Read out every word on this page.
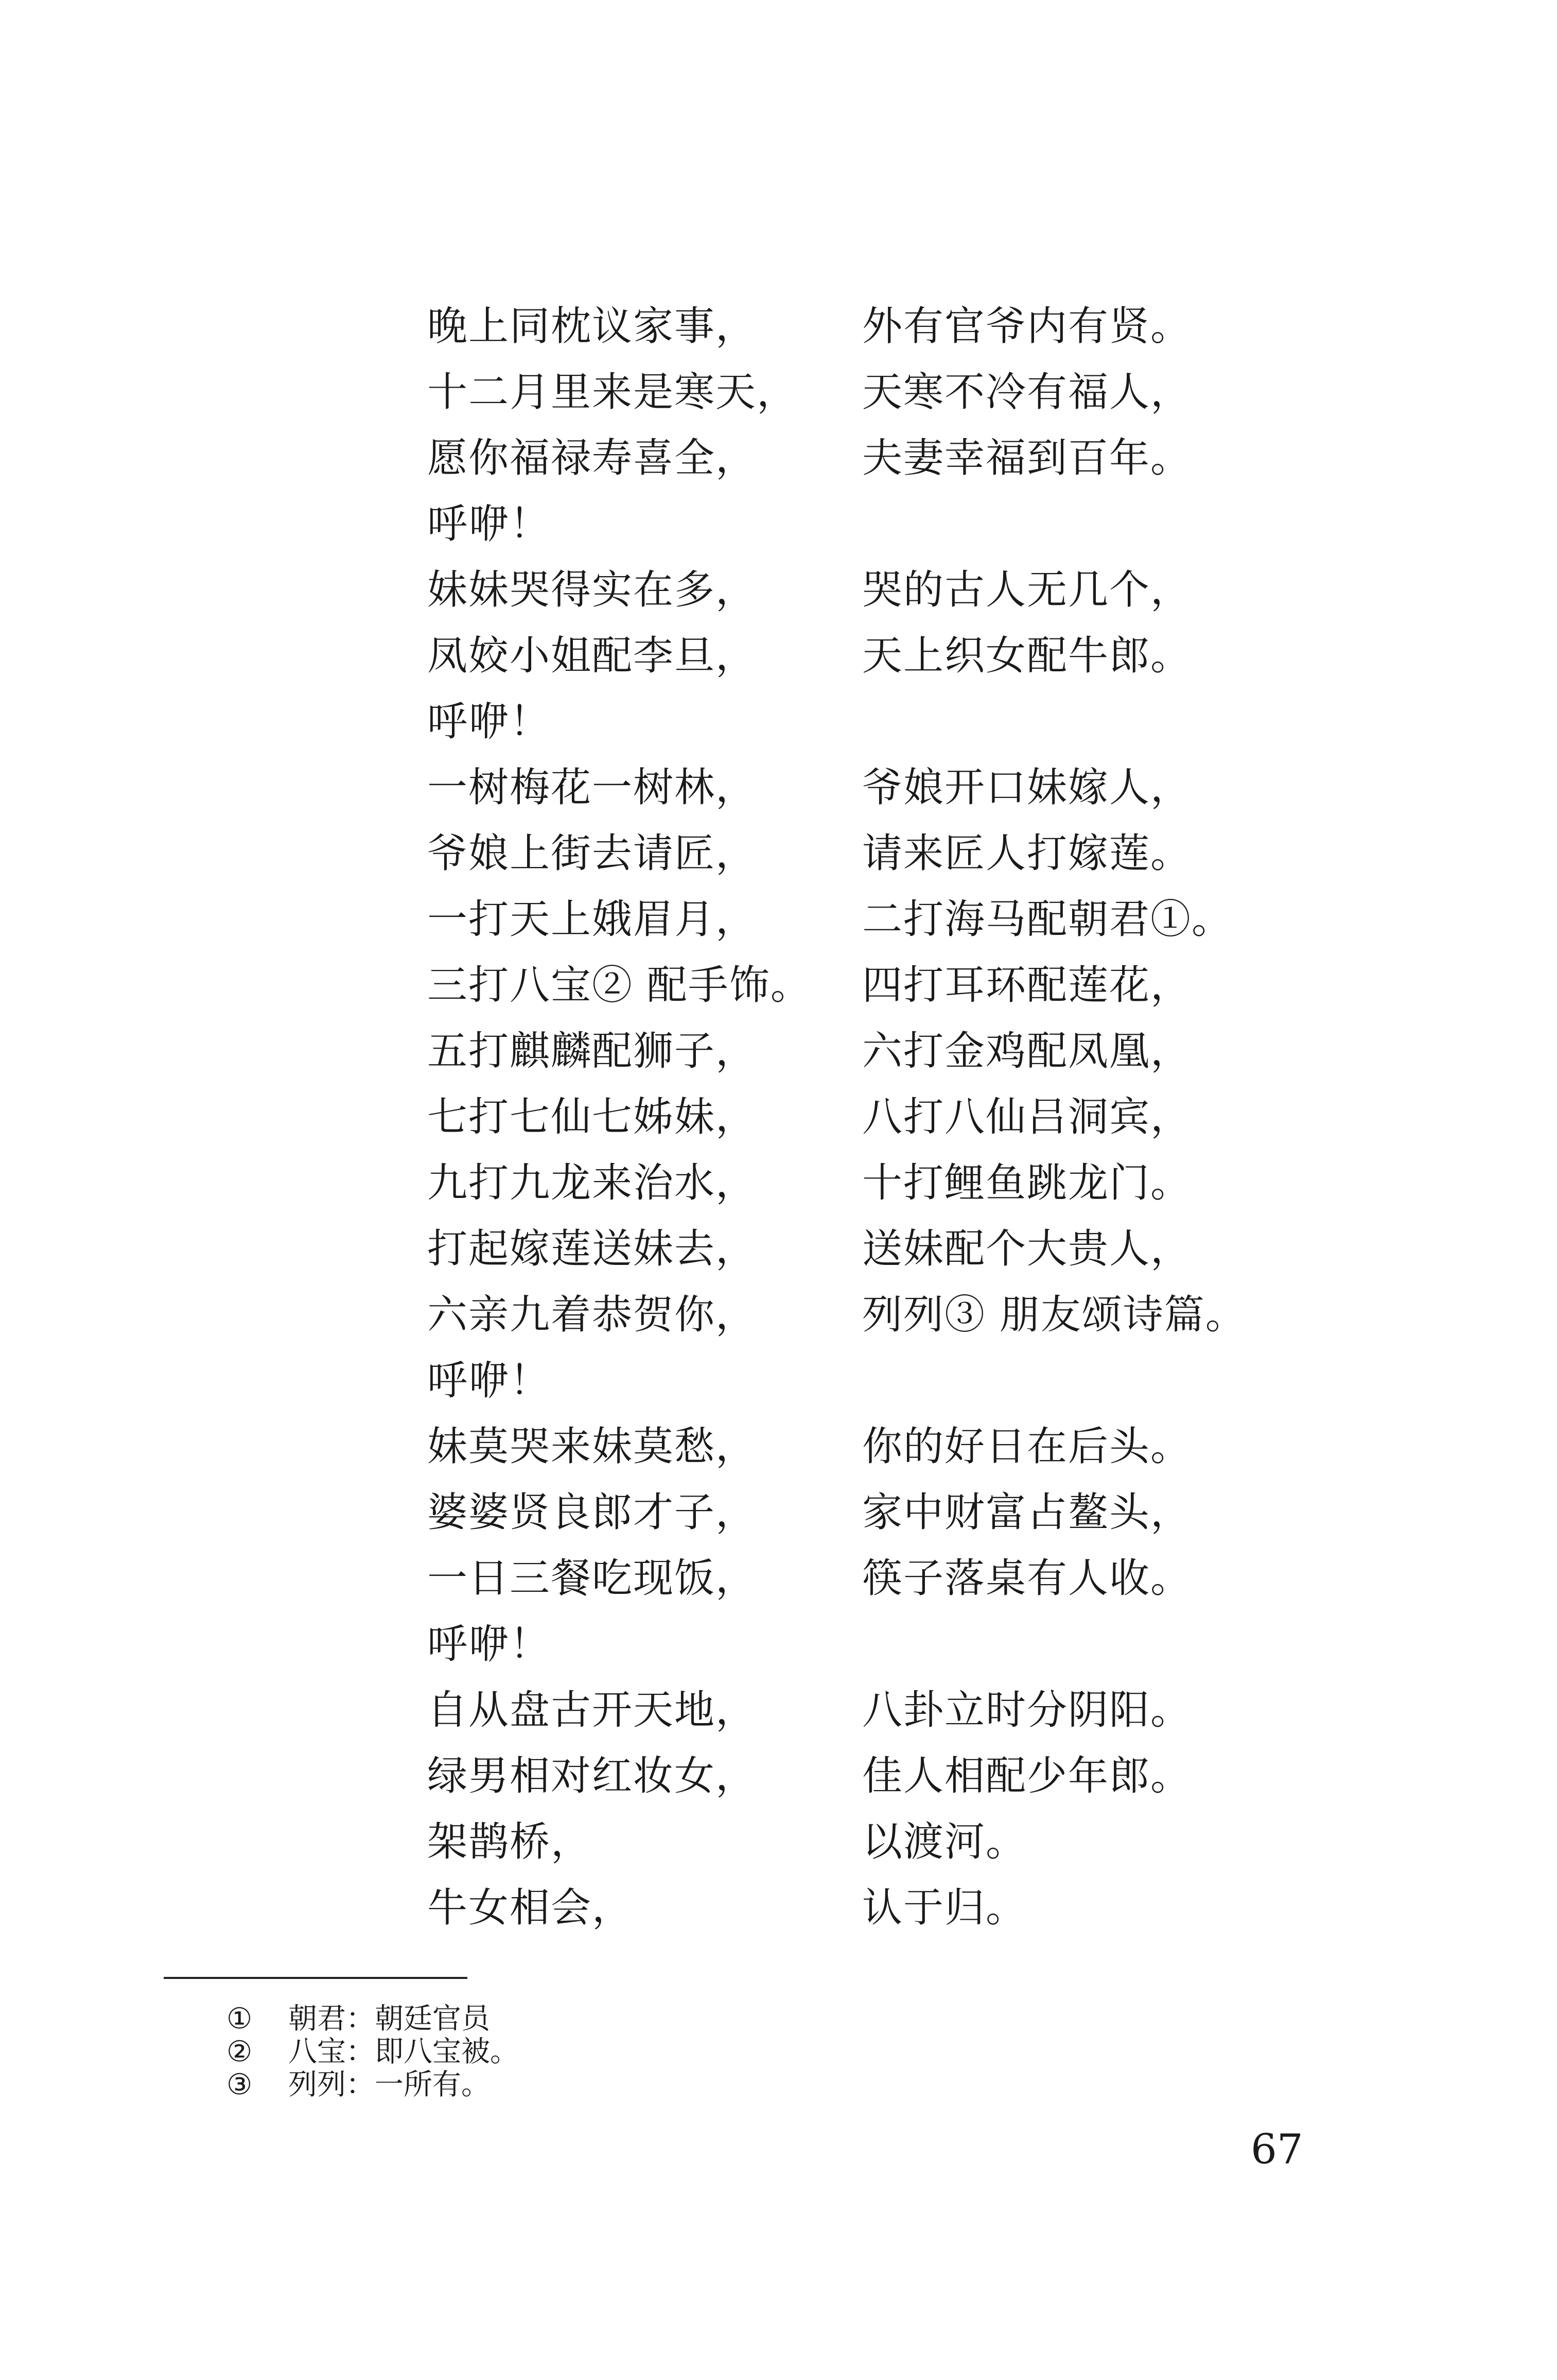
晚上同枕议家事，	外有官爷内有贤。
十二月里来是寒天，	天寒不冷有福人，
愿你福禄寿喜全，	夫妻幸福到百年。
呼咿！
妹妹哭得实在多，	哭的古人无几个，
凤姣小姐配李旦，	天上织女配牛郎。
呼咿！
一树梅花一树林，	爷娘开口妹嫁人，
爷娘上街去请匠，	请来匠人打嫁莲。
一打天上娥眉月，	二打海马配朝君①。
三打八宝② 配手饰。	四打耳环配莲花，
五打麒麟配狮子，	六打金鸡配凤凰，
七打七仙七姊妹，	八打八仙吕洞宾，
九打九龙来治水，	十打鲤鱼跳龙门。
打起嫁莲送妹去，	送妹配个大贵人，
六亲九着恭贺你，	列列③ 朋友颂诗篇。
呼咿！
妹莫哭来妹莫愁，	你的好日在后头。
婆婆贤良郎才子，	家中财富占鳌头，
一日三餐吃现饭，	筷子落桌有人收。
呼咿！
自从盘古开天地，	八卦立时分阴阳。
绿男相对红妆女，	佳人相配少年郎。
架鹊桥，	以渡河。
牛女相会，	认于归。
①	朝君：朝廷官员
②	八宝：即八宝被。
③	列列：一所有。
67
